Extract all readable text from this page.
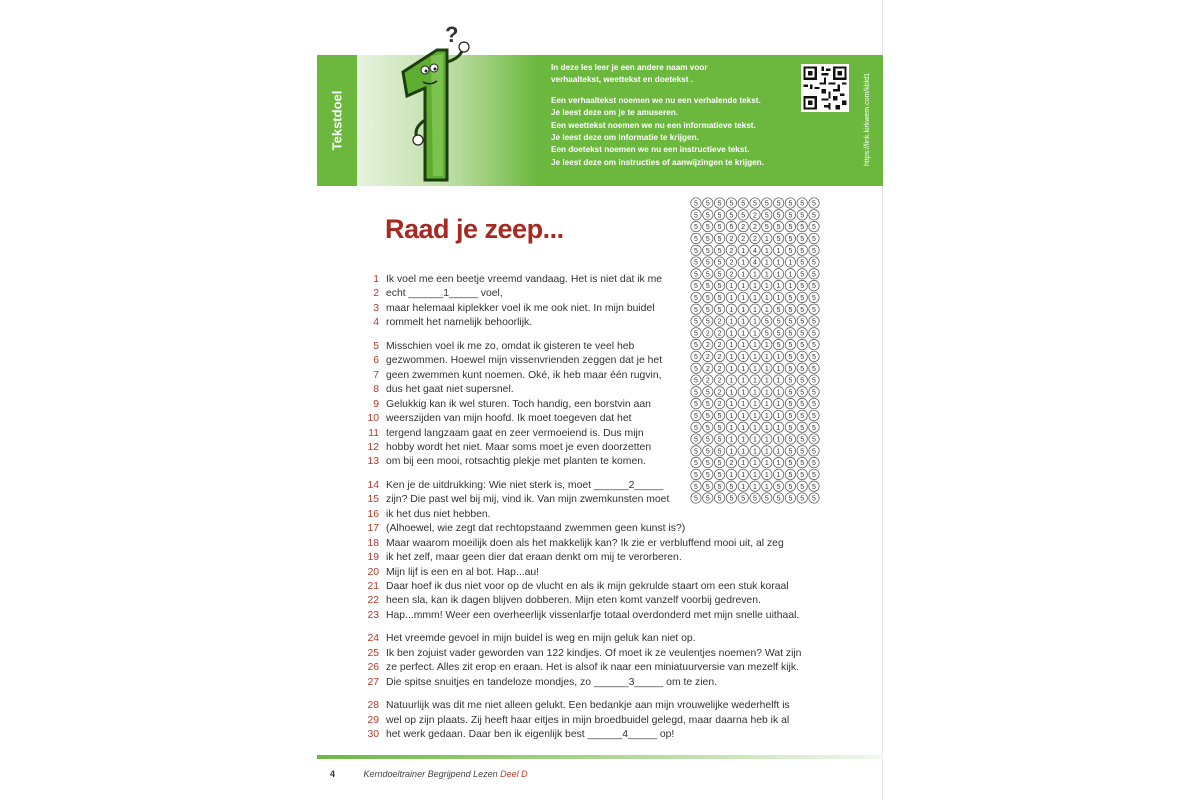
Tekstdoel
?

In deze les leer je een andere naam voor
verhaaltekst, weettekst en doetekst .

Een verhaaltekst noemen we nu een verhalende tekst.
Je leest deze om je te amuseren.
Een weettekst noemen we nu een informatieve tekst.
Je leest deze om informatie te krijgen.
Een doetekst noemen we nu een instructieve tekst.
Je leest deze om instructies of aanwijzingen te krijgen.	https://link.kirkwem.com/kbld1
Raad je zeep...
5 5 5 5 5 5 5 5 5 5 5
5 5 5 5 5 2 5 5 5 5 5
5 5 5 5 2 2 5 5 5 5 5
5 5 5 2 2 2 1 5 5 5 5
5 5 5 2 1 4 1 1 5 5 5
5 5 5 2 1 4 1 1 1 5 5
5 5 5 2 1 1 1 1 1 5 5
5 5 5 1 1 1 1 1 1 5 5
5 5 5 1 1 1 1 1 5 5 5
5 5 5 1 1 1 1 5 5 5 5
5 5 2 1 1 1 5 5 5 5 5
5 2 2 1 1 1 5 5 5 5 5
5 2 2 1 1 1 1 5 5 5 5
5 2 2 1 1 1 1 1 5 5 5
5 2 2 1 1 1 1 1 5 5 5
5 2 2 1 1 1 1 1 5 5 5
5 5 2 1 1 1 1 1 5 5 5
5 5 2 1 1 1 1 1 5 5 5
5 5 5 1 1 1 1 1 5 5 5
5 5 5 1 1 1 1 1 5 5 5
5 5 5 1 1 1 1 1 5 5 5
5 5 5 1 1 1 1 1 5 5 5
5 5 5 2 1 1 1 1 5 5 5
5 5 5 1 1 1 1 1 5 5 5
5 5 5 5 1 1 1 5 5 5 5
5 5 5 5 5 5 5 5 5 5 5
1 Ik voel me een beetje vreemd vandaag. Het is niet dat ik me
2 echt ______1_____ voel,
3 maar helemaal kiplekker voel ik me ook niet. In mijn buidel
4 rommelt het namelijk behoorlijk.
5 Misschien voel ik me zo, omdat ik gisteren te veel heb
6 gezwommen. Hoewel mijn vissenvrienden zeggen dat je het
7 geen zwemmen kunt noemen. Oké, ik heb maar één rugvin,
8 dus het gaat niet supersnel.
9 Gelukkig kan ik wel sturen. Toch handig, een borstvin aan
10 weerszijden van mijn hoofd. Ik moet toegeven dat het
11 tergend langzaam gaat en zeer vermoeiend is. Dus mijn
12 hobby wordt het niet. Maar soms moet je even doorzetten
13 om bij een mooi, rotsachtig plekje met planten te komen.
14 Ken je de uitdrukking: Wie niet sterk is, moet ______2_____
15 zijn? Die past wel bij mij, vind ik. Van mijn zwemkunsten moet
16 ik het dus niet hebben.
17 (Alhoewel, wie zegt dat rechtopstaand zwemmen geen kunst is?)
18 Maar waarom moeilijk doen als het makkelijk kan? Ik zie er verbluffend mooi uit, al zeg
19 ik het zelf, maar geen dier dat eraan denkt om mij te verorberen.
20 Mijn lijf is een en al bot. Hap...au!
21 Daar hoef ik dus niet voor op de vlucht en als ik mijn gekrulde staart om een stuk koraal
22 heen sla, kan ik dagen blijven dobberen. Mijn eten komt vanzelf voorbij gedreven.
23 Hap...mmm! Weer een overheerlijk vissenlarfje totaal overdonderd met mijn snelle uithaal.
24 Het vreemde gevoel in mijn buidel is weg en mijn geluk kan niet op.
25 Ik ben zojuist vader geworden van 122 kindjes. Of moet ik ze veulentjes noemen? Wat zijn
26 ze perfect. Alles zit erop en eraan. Het is alsof ik naar een miniatuurversie van mezelf kijk.
27 Die spitse snuitjes en tandeloze mondjes, zo ______3_____ om te zien.
28 Natuurlijk was dit me niet alleen gelukt. Een bedankje aan mijn vrouwelijke wederhelft is
29 wel op zijn plaats. Zij heeft haar eitjes in mijn broedbuidel gelegd, maar daarna heb ik al
30 het werk gedaan. Daar ben ik eigenlijk best ______4_____ op!
4	Kerndoeltrainer Begrijpend Lezen Deel D
